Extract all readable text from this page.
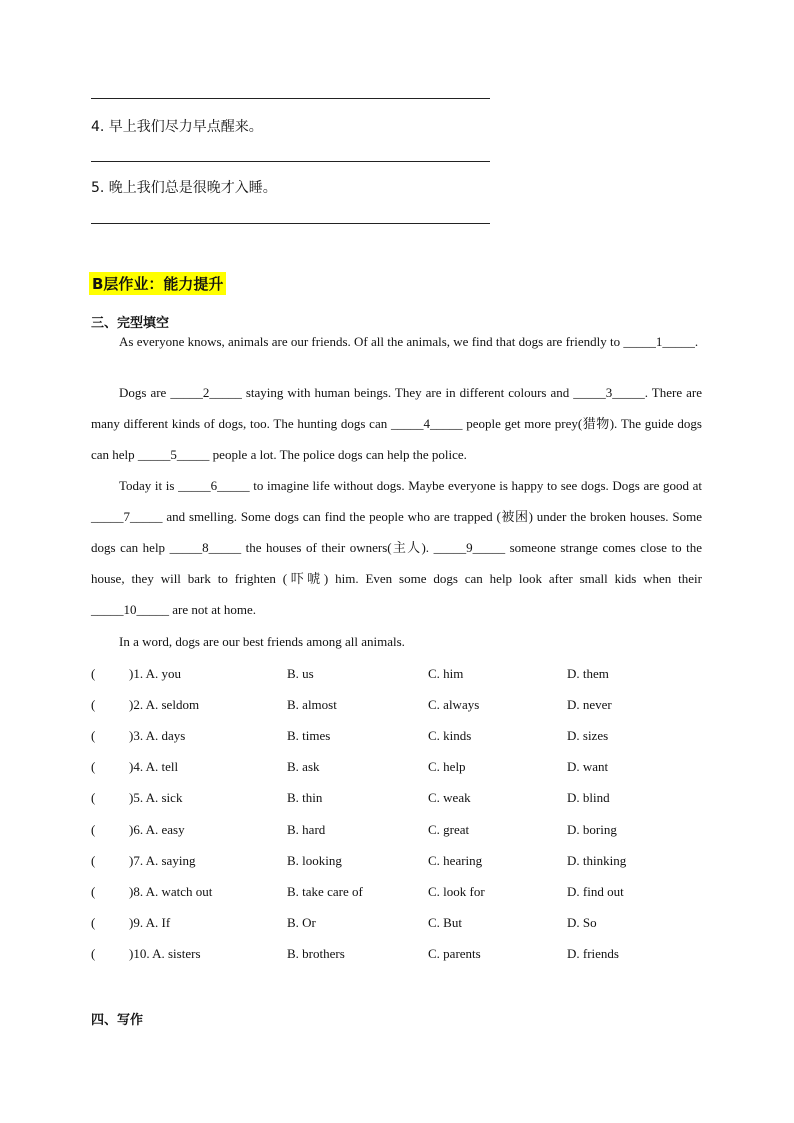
4. 早上我们尽力早点醒来。
5. 晚上我们总是很晚才入睡。
B层作业：能力提升
三、完型填空

As everyone knows, animals are our friends. Of all the animals, we find that dogs are friendly to _____1_____.

Dogs are _____2_____ staying with human beings. They are in different colours and _____3_____. There are many different kinds of dogs, too. The hunting dogs can _____4_____ people get more prey(猎物). The guide dogs can help _____5_____ people a lot. The police dogs can help the police.

Today it is _____6_____ to imagine life without dogs. Maybe everyone is happy to see dogs. Dogs are good at _____7_____ and smelling. Some dogs can find the people who are trapped (被困) under the broken houses. Some dogs can help _____8_____ the houses of their owners(主人). _____9_____ someone strange comes close to the house, they will bark to frighten (吓唬) him. Even some dogs can help look after small kids when their _____10_____ are not at home.

In a word, dogs are our best friends among all animals.

(	)1. A. you	B. us	C. him	D. them
(	)2. A. seldom	B. almost	C. always	D. never
(	)3. A. days	B. times	C. kinds	D. sizes
(	)4. A. tell	B. ask	C. help	D. want
(	)5. A. sick	B. thin	C. weak	D. blind
(	)6. A. easy	B. hard	C. great	D. boring
(	)7. A. saying	B. looking	C. hearing	D. thinking
(	)8. A. watch out	B. take care of	C. look for	D. find out
(	)9. A. If	B. Or	C. But	D. So
(	)10. A. sisters	B. brothers	C. parents	D. friends
四、写作
